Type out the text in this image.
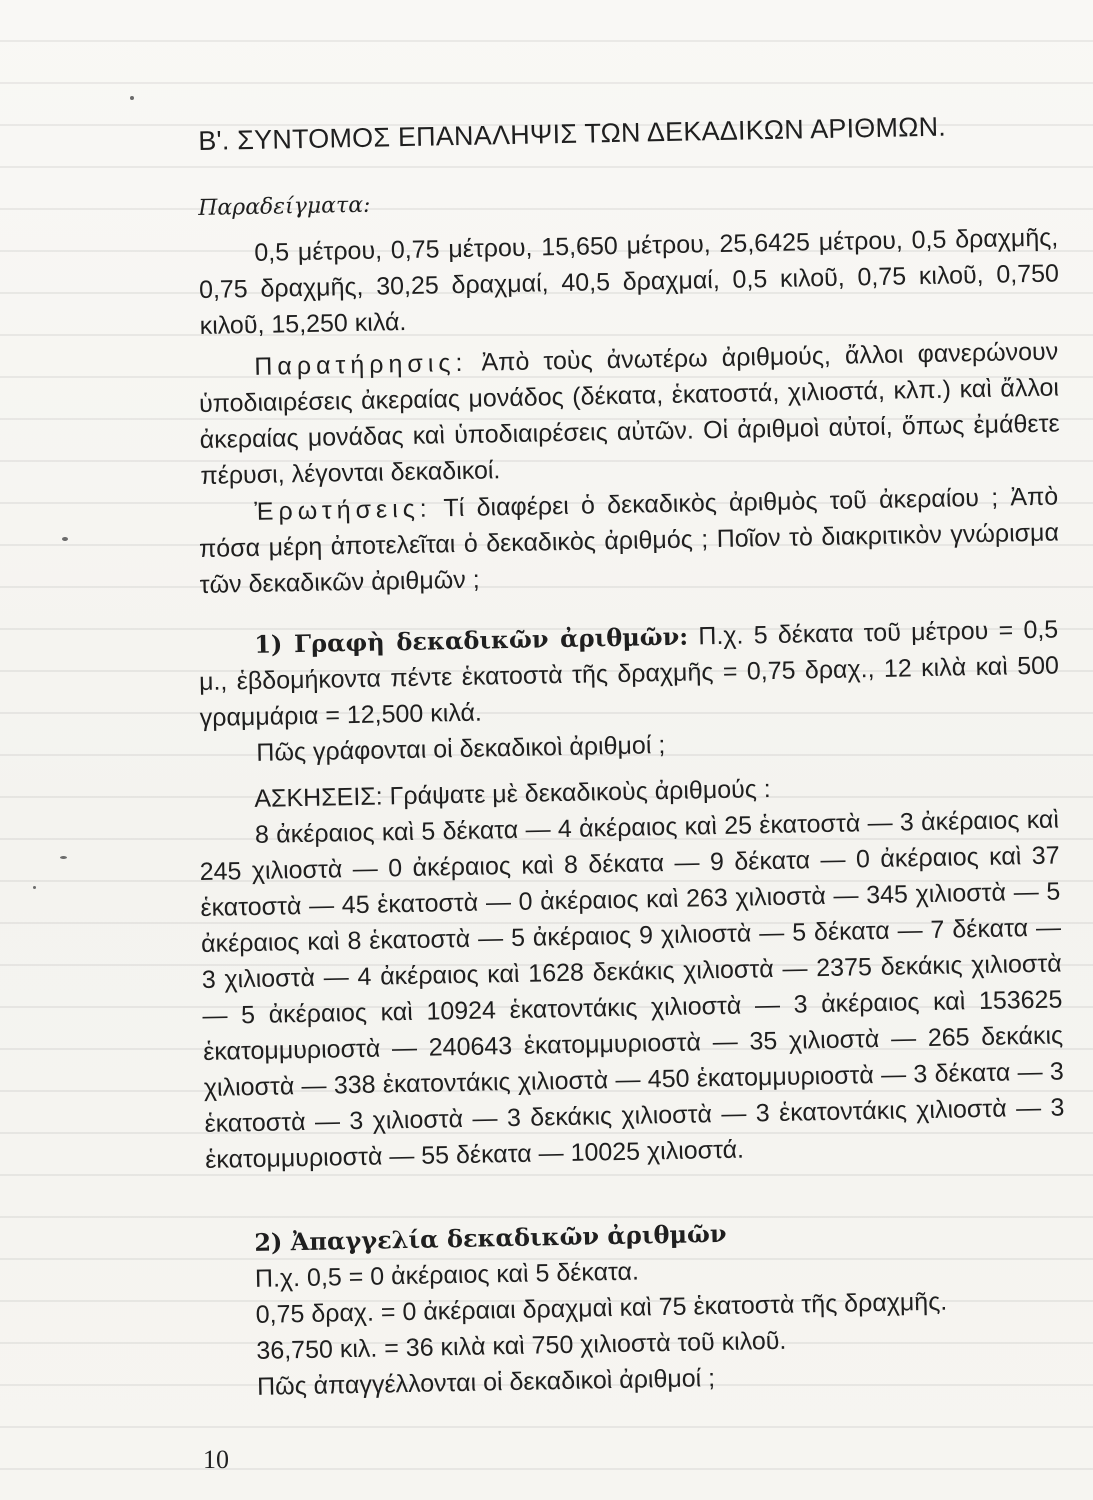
Β'. ΣΥΝΤΟΜΟΣ ΕΠΑΝΑΛΗΨΙΣ ΤΩΝ ΔΕΚΑΔΙΚΩΝ ΑΡΙΘΜΩΝ.
Παραδείγματα:

0,5 μέτρου, 0,75 μέτρου, 15,650 μέτρου, 25,6425 μέτρου, 0,5 δραχμῆς, 0,75 δραχμῆς, 30,25 δραχμαί, 40,5 δραχμαί, 0,5 κιλοῦ, 0,75 κιλοῦ, 0,750 κιλοῦ, 15,250 κιλά.

Παρατήρησις: Ἀπὸ τοὺς ἀνωτέρω ἀριθμούς, ἄλλοι φανερώνουν ὑποδιαιρέσεις ἀκεραίας μονάδος (δέκατα, ἑκατοστά, χιλιοστά, κλπ.) καὶ ἄλλοι ἀκεραίας μονάδας καὶ ὑποδιαιρέσεις αὐτῶν. Οἱ ἀριθμοὶ αὐτοί, ὅπως ἐμάθετε πέρυσι, λέγονται δεκαδικοί.

Ἐρωτήσεις: Τί διαφέρει ὁ δεκαδικὸς ἀριθμὸς τοῦ ἀκεραίου ; Ἀπὸ πόσα μέρη ἀποτελεῖται ὁ δεκαδικὸς ἀριθμός ; Ποῖον τὸ διακριτικὸν γνώρισμα τῶν δεκαδικῶν ἀριθμῶν ;

1) Γραφὴ δεκαδικῶν ἀριθμῶν: Π.χ. 5 δέκατα τοῦ μέτρου = 0,5 μ., ἑβδομήκοντα πέντε ἑκατοστὰ τῆς δραχμῆς = 0,75 δραχ., 12 κιλὰ καὶ 500 γραμμάρια = 12,500 κιλά.

Πῶς γράφονται οἱ δεκαδικοὶ ἀριθμοί ;

ΑΣΚΗΣΕΙΣ: Γράψατε μὲ δεκαδικοὺς ἀριθμούς :

8 ἀκέραιος καὶ 5 δέκατα — 4 ἀκέραιος καὶ 25 ἑκατοστὰ — 3 ἀκέραιος καὶ 245 χιλιοστὰ — 0 ἀκέραιος καὶ 8 δέκατα — 9 δέκατα — 0 ἀκέραιος καὶ 37 ἑκατοστὰ — 45 ἑκατοστὰ — 0 ἀκέραιος καὶ 263 χιλιοστὰ — 345 χιλιοστὰ — 5 ἀκέραιος καὶ 8 ἑκατοστὰ — 5 ἀκέραιος 9 χιλιοστὰ — 5 δέκατα — 7 δέκατα — 3 χιλιοστὰ — 4 ἀκέραιος καὶ 1628 δεκάκις χιλιοστὰ — 2375 δεκάκις χιλιοστὰ — 5 ἀκέραιος καὶ 10924 ἑκατοντάκις χιλιοστὰ — 3 ἀκέραιος καὶ 153625 ἑκατομμυριοστὰ — 240643 ἑκατομμυριοστὰ — 35 χιλιοστὰ — 265 δεκάκις χιλιοστὰ — 338 ἑκατοντάκις χιλιοστὰ — 450 ἑκατομμυριοστὰ — 3 δέκατα — 3 ἑκατοστὰ — 3 χιλιοστὰ — 3 δεκάκις χιλιοστὰ — 3 ἑκατοντάκις χιλιοστὰ — 3 ἑκατομμυριοστὰ — 55 δέκατα — 10025 χιλιοστά.

2) Ἀπαγγελία δεκαδικῶν ἀριθμῶν

Π.χ. 0,5 = 0 ἀκέραιος καὶ 5 δέκατα.

0,75 δραχ. = 0 ἀκέραιαι δραχμαὶ καὶ 75 ἑκατοστὰ τῆς δραχμῆς.

36,750 κιλ. = 36 κιλὰ καὶ 750 χιλιοστὰ τοῦ κιλοῦ.

Πῶς ἀπαγγέλλονται οἱ δεκαδικοὶ ἀριθμοί ;

10
